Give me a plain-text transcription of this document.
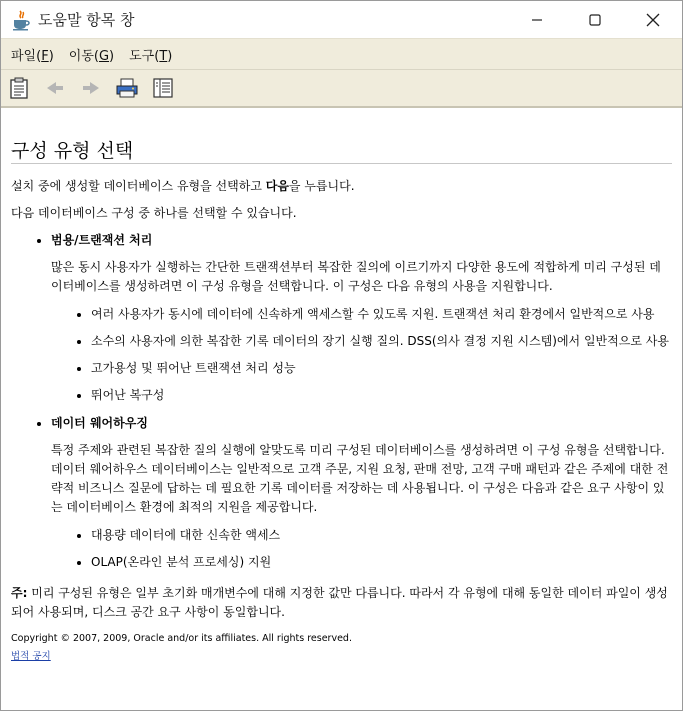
도움말 항목 창
파일(F) 이동(G) 도구(T)
구성 유형 선택

설치 중에 생성할 데이터베이스 유형을 선택하고 다음을 누릅니다.

다음 데이터베이스 구성 중 하나를 선택할 수 있습니다.

범용/트랜잭션 처리

많은 동시 사용자가 실행하는 간단한 트랜잭션부터 복잡한 질의에 이르기까지 다양한 용도에 적합하게 미리 구성된 데이터베이스를 생성하려면 이 구성 유형을 선택합니다. 이 구성은 다음 유형의 사용을 지원합니다.

여러 사용자가 동시에 데이터에 신속하게 액세스할 수 있도록 지원. 트랜잭션 처리 환경에서 일반적으로 사용
소수의 사용자에 의한 복잡한 기록 데이터의 장기 실행 질의. DSS(의사 결정 지원 시스템)에서 일반적으로 사용
고가용성 및 뛰어난 트랜잭션 처리 성능
뛰어난 복구성
데이터 웨어하우징

특정 주제와 관련된 복잡한 질의 실행에 알맞도록 미리 구성된 데이터베이스를 생성하려면 이 구성 유형을 선택합니다. 데이터 웨어하우스 데이터베이스는 일반적으로 고객 주문, 지원 요청, 판매 전망, 고객 구매 패턴과 같은 주제에 대한 전략적 비즈니스 질문에 답하는 데 필요한 기록 데이터를 저장하는 데 사용됩니다. 이 구성은 다음과 같은 요구 사항이 있는 데이터베이스 환경에 최적의 지원을 제공합니다.

대용량 데이터에 대한 신속한 액세스
OLAP(온라인 분석 프로세싱) 지원

주: 미리 구성된 유형은 일부 초기화 매개변수에 대해 지정한 값만 다릅니다. 따라서 각 유형에 대해 동일한 데이터 파일이 생성되어 사용되며, 디스크 공간 요구 사항이 동일합니다.

Copyright © 2007, 2009, Oracle and/or its affiliates. All rights reserved.

법적 공지
